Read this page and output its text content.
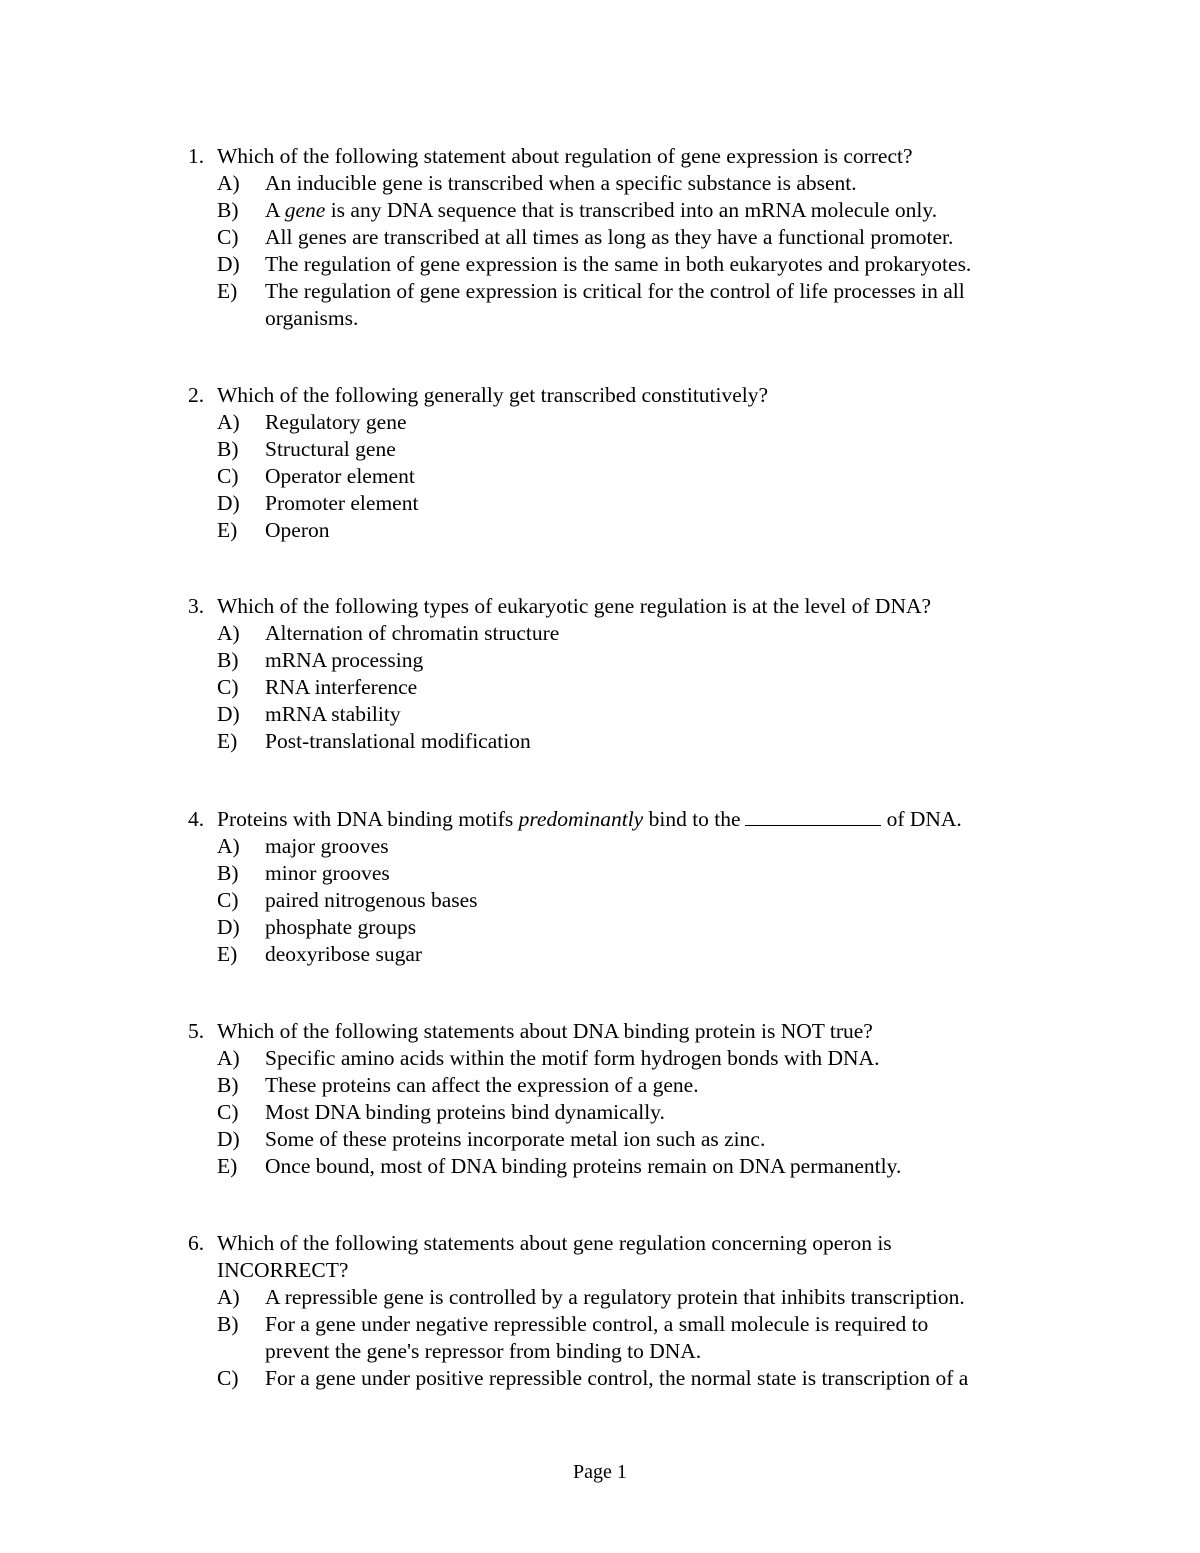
1. Which of the following statement about regulation of gene expression is correct?
A) An inducible gene is transcribed when a specific substance is absent.
B) A gene is any DNA sequence that is transcribed into an mRNA molecule only.
C) All genes are transcribed at all times as long as they have a functional promoter.
D) The regulation of gene expression is the same in both eukaryotes and prokaryotes.
E) The regulation of gene expression is critical for the control of life processes in all
organisms.
2. Which of the following generally get transcribed constitutively?
A) Regulatory gene
B) Structural gene
C) Operator element
D) Promoter element
E) Operon
3. Which of the following types of eukaryotic gene regulation is at the level of DNA?
A) Alternation of chromatin structure
B) mRNA processing
C) RNA interference
D) mRNA stability
E) Post-translational modification
4. Proteins with DNA binding motifs predominantly bind to the	of DNA.
A) major grooves
B) minor grooves
C) paired nitrogenous bases
D) phosphate groups
E) deoxyribose sugar
5. Which of the following statements about DNA binding protein is NOT true?
A) Specific amino acids within the motif form hydrogen bonds with DNA.
B) These proteins can affect the expression of a gene.
C) Most DNA binding proteins bind dynamically.
D) Some of these proteins incorporate metal ion such as zinc.
E) Once bound, most of DNA binding proteins remain on DNA permanently.
6. Which of the following statements about gene regulation concerning operon is
INCORRECT?
A) A repressible gene is controlled by a regulatory protein that inhibits transcription.
B) For a gene under negative repressible control, a small molecule is required to
prevent the gene's repressor from binding to DNA.
C) For a gene under positive repressible control, the normal state is transcription of a
Page 1
